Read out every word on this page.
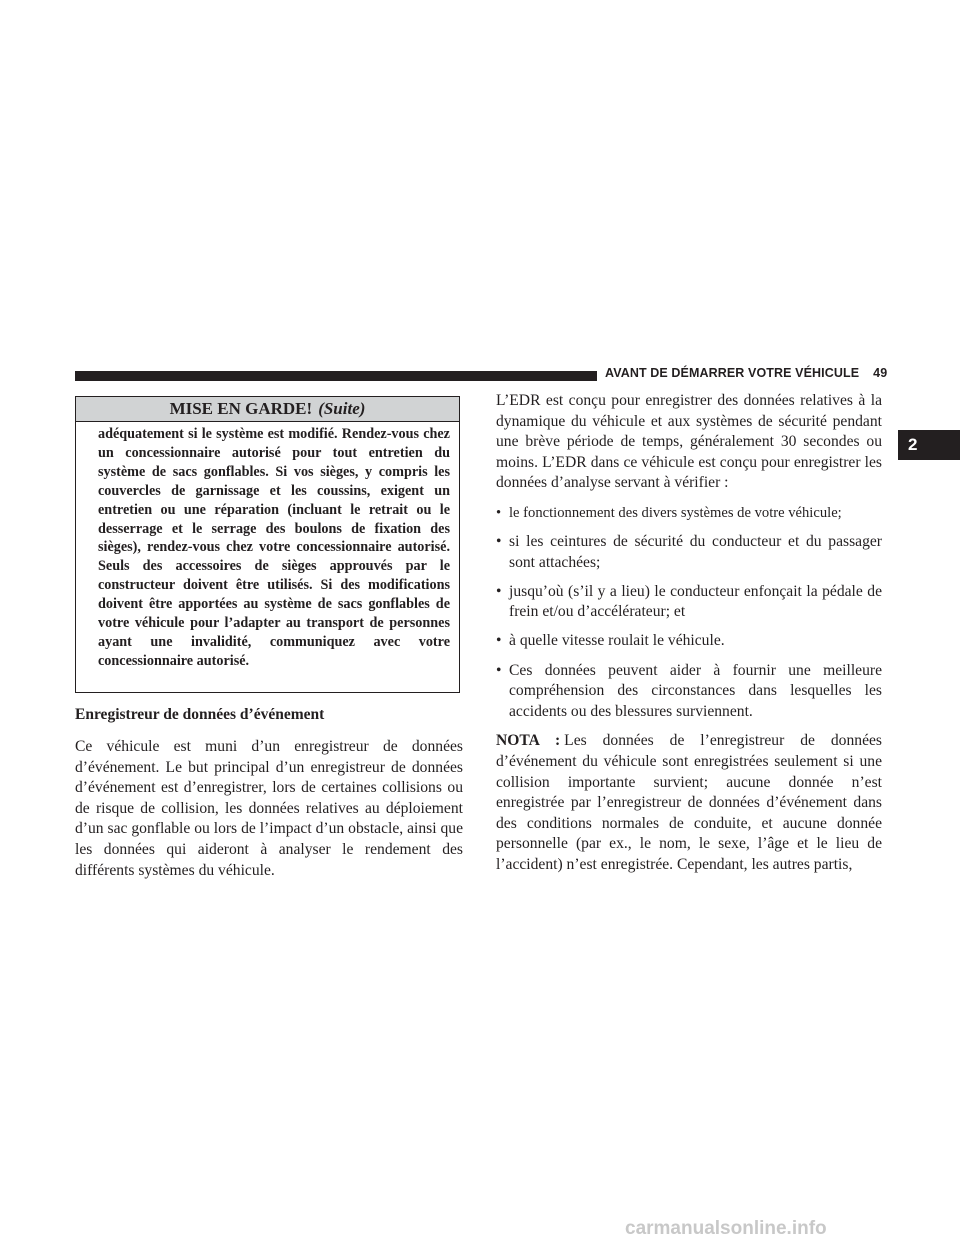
AVANT DE DÉMARRER VOTRE VÉHICULE 49
2
MISE EN GARDE! (Suite)
adéquatement si le système est modifié. Rendez-vous chez un concessionnaire autorisé pour tout entretien du système de sacs gonflables. Si vos sièges, y compris les couvercles de garnissage et les coussins, exigent un entretien ou une réparation (incluant le retrait ou le desserrage et le serrage des boulons de fixation des sièges), rendez-vous chez votre concessionnaire autorisé. Seuls des accessoires de sièges approuvés par le constructeur doivent être utilisés. Si des modifications doivent être apportées au système de sacs gonflables de votre véhicule pour l’adapter au transport de personnes ayant une invalidité, communiquez avec votre concessionnaire autorisé.

Enregistreur de données d’événement

Ce véhicule est muni d’un enregistreur de données d’événement. Le but principal d’un enregistreur de données d’événement est d’enregistrer, lors de certaines collisions ou de risque de collision, les données relatives au déploiement d’un sac gonflable ou lors de l’impact d’un obstacle, ainsi que les données qui aideront à analyser le rendement des différents systèmes du véhicule.

L’EDR est conçu pour enregistrer des données relatives à la dynamique du véhicule et aux systèmes de sécurité pendant une brève période de temps, généralement 30 secondes ou moins. L’EDR dans ce véhicule est conçu pour enregistrer les données d’analyse servant à vérifier :

• le fonctionnement des divers systèmes de votre véhicule;
• si les ceintures de sécurité du conducteur et du passager sont attachées;
• jusqu’où (s’il y a lieu) le conducteur enfonçait la pédale de frein et/ou d’accélérateur; et
• à quelle vitesse roulait le véhicule.
• Ces données peuvent aider à fournir une meilleure compréhension des circonstances dans lesquelles les accidents ou des blessures surviennent.

NOTA : Les données de l’enregistreur de données d’événement du véhicule sont enregistrées seulement si une collision importante survient; aucune donnée n’est enregistrée par l’enregistreur de données d’événement dans des conditions normales de conduite, et aucune donnée personnelle (par ex., le nom, le sexe, l’âge et le lieu de l’accident) n’est enregistrée. Cependant, les autres partis,

carmanualsonline.info
